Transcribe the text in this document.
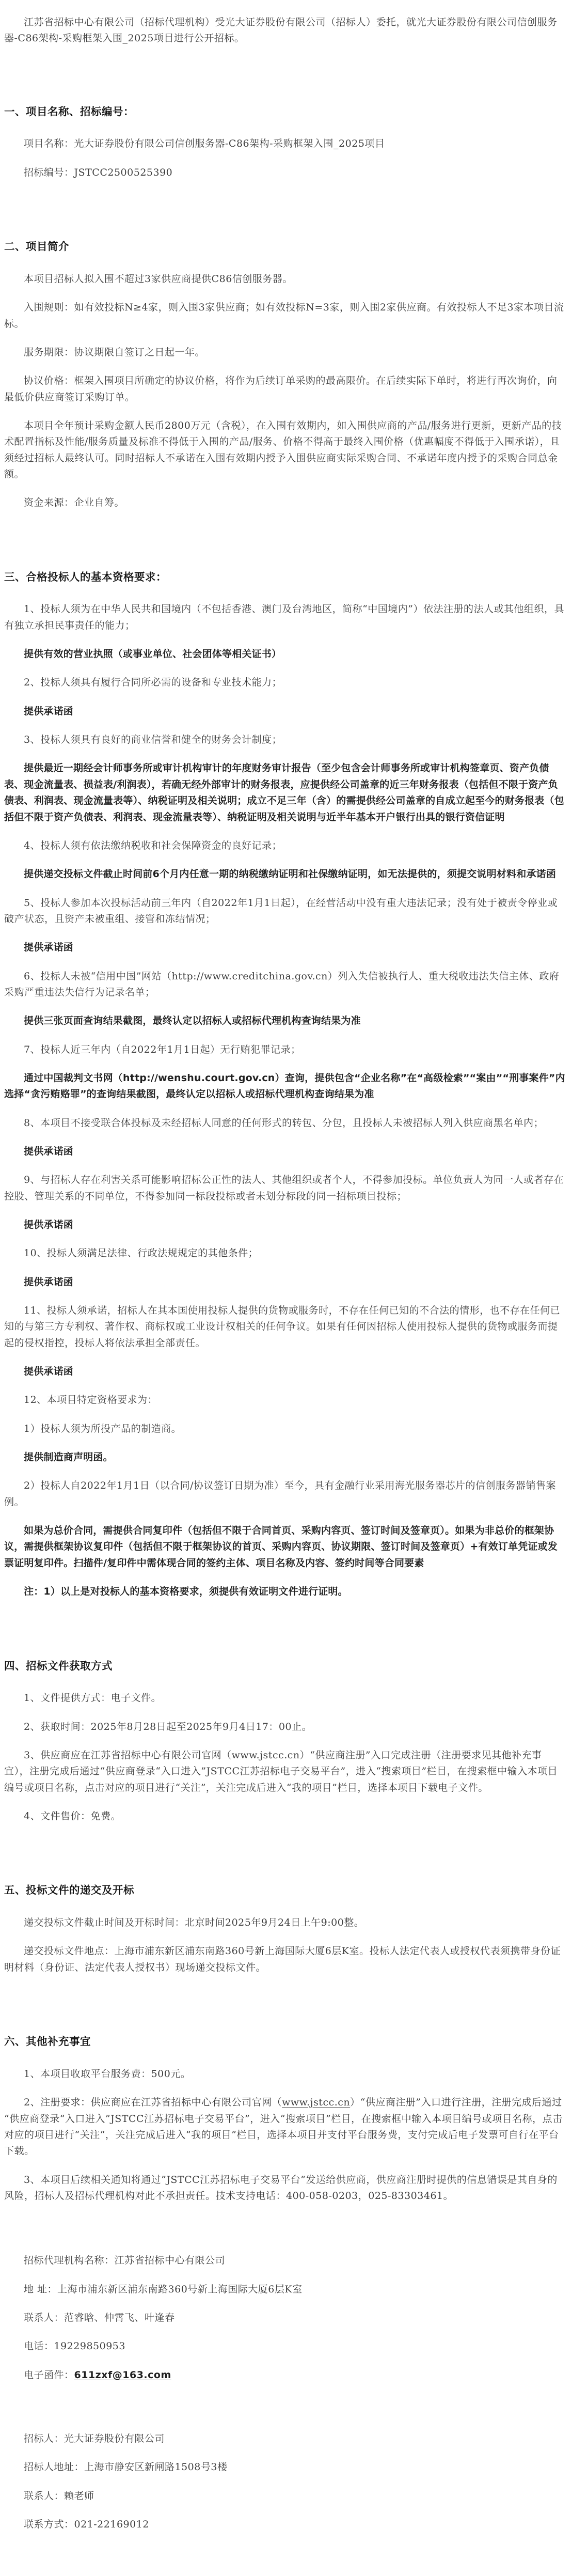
江苏省招标中心有限公司（招标代理机构）受光大证券股份有限公司（招标人）委托，就光大证券股份有限公司信创服务器-C86架构-采购框架入围_2025项目进行公开招标。
一、项目名称、招标编号：
项目名称：光大证券股份有限公司信创服务器-C86架构-采购框架入围_2025项目
招标编号：JSTCC2500525390
二、项目简介
本项目招标人拟入围不超过3家供应商提供C86信创服务器。
入围规则：如有效投标N≥4家，则入围3家供应商；如有效投标N=3家，则入围2家供应商。有效投标人不足3家本项目流标。
服务期限：协议期限自签订之日起一年。
协议价格：框架入围项目所确定的协议价格，将作为后续订单采购的最高限价。在后续实际下单时，将进行再次询价，向最低价供应商签订采购订单。
本项目全年预计采购金额人民币2800万元（含税），在入围有效期内，如入围供应商的产品/服务进行更新，更新产品的技术配置指标及性能/服务质量及标准不得低于入围的产品/服务、价格不得高于最终入围价格（优惠幅度不得低于入围承诺），且须经过招标人最终认可。同时招标人不承诺在入围有效期内授予入围供应商实际采购合同、不承诺年度内授予的采购合同总金额。
资金来源：企业自筹。
三、合格投标人的基本资格要求：
1、投标人须为在中华人民共和国境内（不包括香港、澳门及台湾地区，简称“中国境内”）依法注册的法人或其他组织，具有独立承担民事责任的能力；
提供有效的营业执照（或事业单位、社会团体等相关证书）
2、投标人须具有履行合同所必需的设备和专业技术能力；
提供承诺函
3、投标人须具有良好的商业信誉和健全的财务会计制度；
提供最近一期经会计师事务所或审计机构审计的年度财务审计报告（至少包含会计师事务所或审计机构签章页、资产负债表、现金流量表、损益表/利润表），若确无经外部审计的财务报表，应提供经公司盖章的近三年财务报表（包括但不限于资产负债表、利润表、现金流量表等）、纳税证明及相关说明；成立不足三年（含）的需提供经公司盖章的自成立起至今的财务报表（包括但不限于资产负债表、利润表、现金流量表等）、纳税证明及相关说明与近半年基本开户银行出具的银行资信证明
4、投标人须有依法缴纳税收和社会保障资金的良好记录；
提供递交投标文件截止时间前6个月内任意一期的纳税缴纳证明和社保缴纳证明，如无法提供的，须提交说明材料和承诺函
5、投标人参加本次投标活动前三年内（自2022年1月1日起），在经营活动中没有重大违法记录；没有处于被责令停业或破产状态，且资产未被重组、接管和冻结情况；
提供承诺函
6、投标人未被“信用中国”网站（http://www.creditchina.gov.cn）列入失信被执行人、重大税收违法失信主体、政府采购严重违法失信行为记录名单；
提供三张页面查询结果截图，最终认定以招标人或招标代理机构查询结果为准
7、投标人近三年内（自2022年1月1日起）无行贿犯罪记录；
通过中国裁判文书网（http://wenshu.court.gov.cn）查询，提供包含“企业名称”在“高级检索”“案由”“刑事案件”内选择“贪污贿赂罪”的查询结果截图，最终认定以招标人或招标代理机构查询结果为准
8、本项目不接受联合体投标及未经招标人同意的任何形式的转包、分包，且投标人未被招标人列入供应商黑名单内；
提供承诺函
9、与招标人存在利害关系可能影响招标公正性的法人、其他组织或者个人，不得参加投标。单位负责人为同一人或者存在控股、管理关系的不同单位，不得参加同一标段投标或者未划分标段的同一招标项目投标；
提供承诺函
10、投标人须满足法律、行政法规规定的其他条件；
提供承诺函
11、投标人须承诺，招标人在其本国使用投标人提供的货物或服务时，不存在任何已知的不合法的情形，也不存在任何已知的与第三方专利权、著作权、商标权或工业设计权相关的任何争议。如果有任何因招标人使用投标人提供的货物或服务而提起的侵权指控，投标人将依法承担全部责任。
提供承诺函
12、本项目特定资格要求为：
1）投标人须为所投产品的制造商。
提供制造商声明函。
2）投标人自2022年1月1日（以合同/协议签订日期为准）至今，具有金融行业采用海光服务器芯片的信创服务器销售案例。
如果为总价合同，需提供合同复印件（包括但不限于合同首页、采购内容页、签订时间及签章页）。如果为非总价的框架协议，需提供框架协议复印件（包括但不限于框架协议的首页、采购内容页、协议期限、签订时间及签章页）+有效订单凭证或发票证明复印件。扫描件/复印件中需体现合同的签约主体、项目名称及内容、签约时间等合同要素
注：1）以上是对投标人的基本资格要求，须提供有效证明文件进行证明。
四、招标文件获取方式
1、文件提供方式：电子文件。
2、获取时间：2025年8月28日起至2025年9月4日17：00止。
3、供应商应在江苏省招标中心有限公司官网（www.jstcc.cn）“供应商注册”入口完成注册（注册要求见其他补充事宜），注册完成后通过“供应商登录“入口进入”JSTCC江苏招标电子交易平台”，进入“搜索项目”栏目，在搜索框中输入本项目编号或项目名称，点击对应的项目进行“关注”，关注完成后进入“我的项目”栏目，选择本项目下载电子文件。
4、文件售价：免费。
五、投标文件的递交及开标
递交投标文件截止时间及开标时间：北京时间2025年9月24日上午9:00整。
递交投标文件地点：上海市浦东新区浦东南路360号新上海国际大厦6层K室。投标人法定代表人或授权代表须携带身份证明材料（身份证、法定代表人授权书）现场递交投标文件。
六、其他补充事宜
1、本项目收取平台服务费：500元。
2、注册要求：供应商应在江苏省招标中心有限公司官网（www.jstcc.cn）“供应商注册”入口进行注册，注册完成后通过“供应商登录“入口进入”JSTCC江苏招标电子交易平台”，进入“搜索项目”栏目，在搜索框中输入本项目编号或项目名称，点击对应的项目进行“关注”，关注完成后进入“我的项目”栏目，选择本项目并支付平台服务费，支付完成后电子发票可自行在平台下载。
3、本项目后续相关通知将通过”JSTCC江苏招标电子交易平台”发送给供应商，供应商注册时提供的信息错误是其自身的风险，招标人及招标代理机构对此不承担责任。技术支持电话：400-058-0203，025-83303461。
招标代理机构名称：江苏省招标中心有限公司
地 址：上海市浦东新区浦东南路360号新上海国际大厦6层K室
联系人：范睿晗、仲霄飞、叶逢春
电话：19229850953
电子函件：611zxf@163.com
招标人：光大证券股份有限公司
招标人地址：上海市静安区新闸路1508号3楼
联系人：赖老师
联系方式：021-22169012
